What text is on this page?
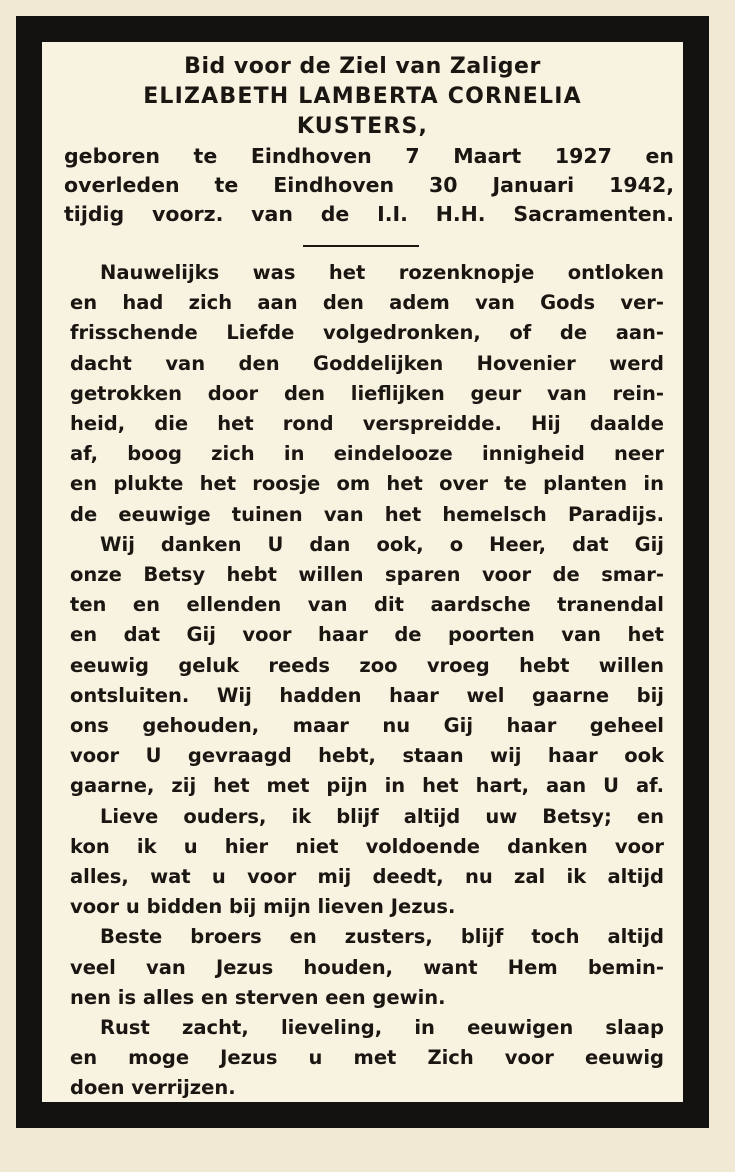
Bid voor de Ziel van Zaliger
ELIZABETH LAMBERTA CORNELIA
KUSTERS,
geboren te Eindhoven 7 Maart 1927 en
overleden te Eindhoven 30 Januari 1942,
tijdig voorz. van de I.I. H.H. Sacramenten.
Nauwelijks was het rozenknopje ontloken
en had zich aan den adem van Gods ver-
frisschende Liefde volgedronken, of de aan-
dacht van den Goddelijken Hovenier werd
getrokken door den lieflijken geur van rein-
heid, die het rond verspreidde. Hij daalde
af, boog zich in eindelooze innigheid neer
en plukte het roosje om het over te planten in
de eeuwige tuinen van het hemelsch Paradijs.
Wij danken U dan ook, o Heer, dat Gij
onze Betsy hebt willen sparen voor de smar-
ten en ellenden van dit aardsche tranendal
en dat Gij voor haar de poorten van het
eeuwig geluk reeds zoo vroeg hebt willen
ontsluiten. Wij hadden haar wel gaarne bij
ons gehouden, maar nu Gij haar geheel
voor U gevraagd hebt, staan wij haar ook
gaarne, zij het met pijn in het hart, aan U af.
Lieve ouders, ik blijf altijd uw Betsy; en
kon ik u hier niet voldoende danken voor
alles, wat u voor mij deedt, nu zal ik altijd
voor u bidden bij mijn lieven Jezus.
Beste broers en zusters, blijf toch altijd
veel van Jezus houden, want Hem bemin-
nen is alles en sterven een gewin.
Rust zacht, lieveling, in eeuwigen slaap
en moge Jezus u met Zich voor eeuwig
doen verrijzen.
